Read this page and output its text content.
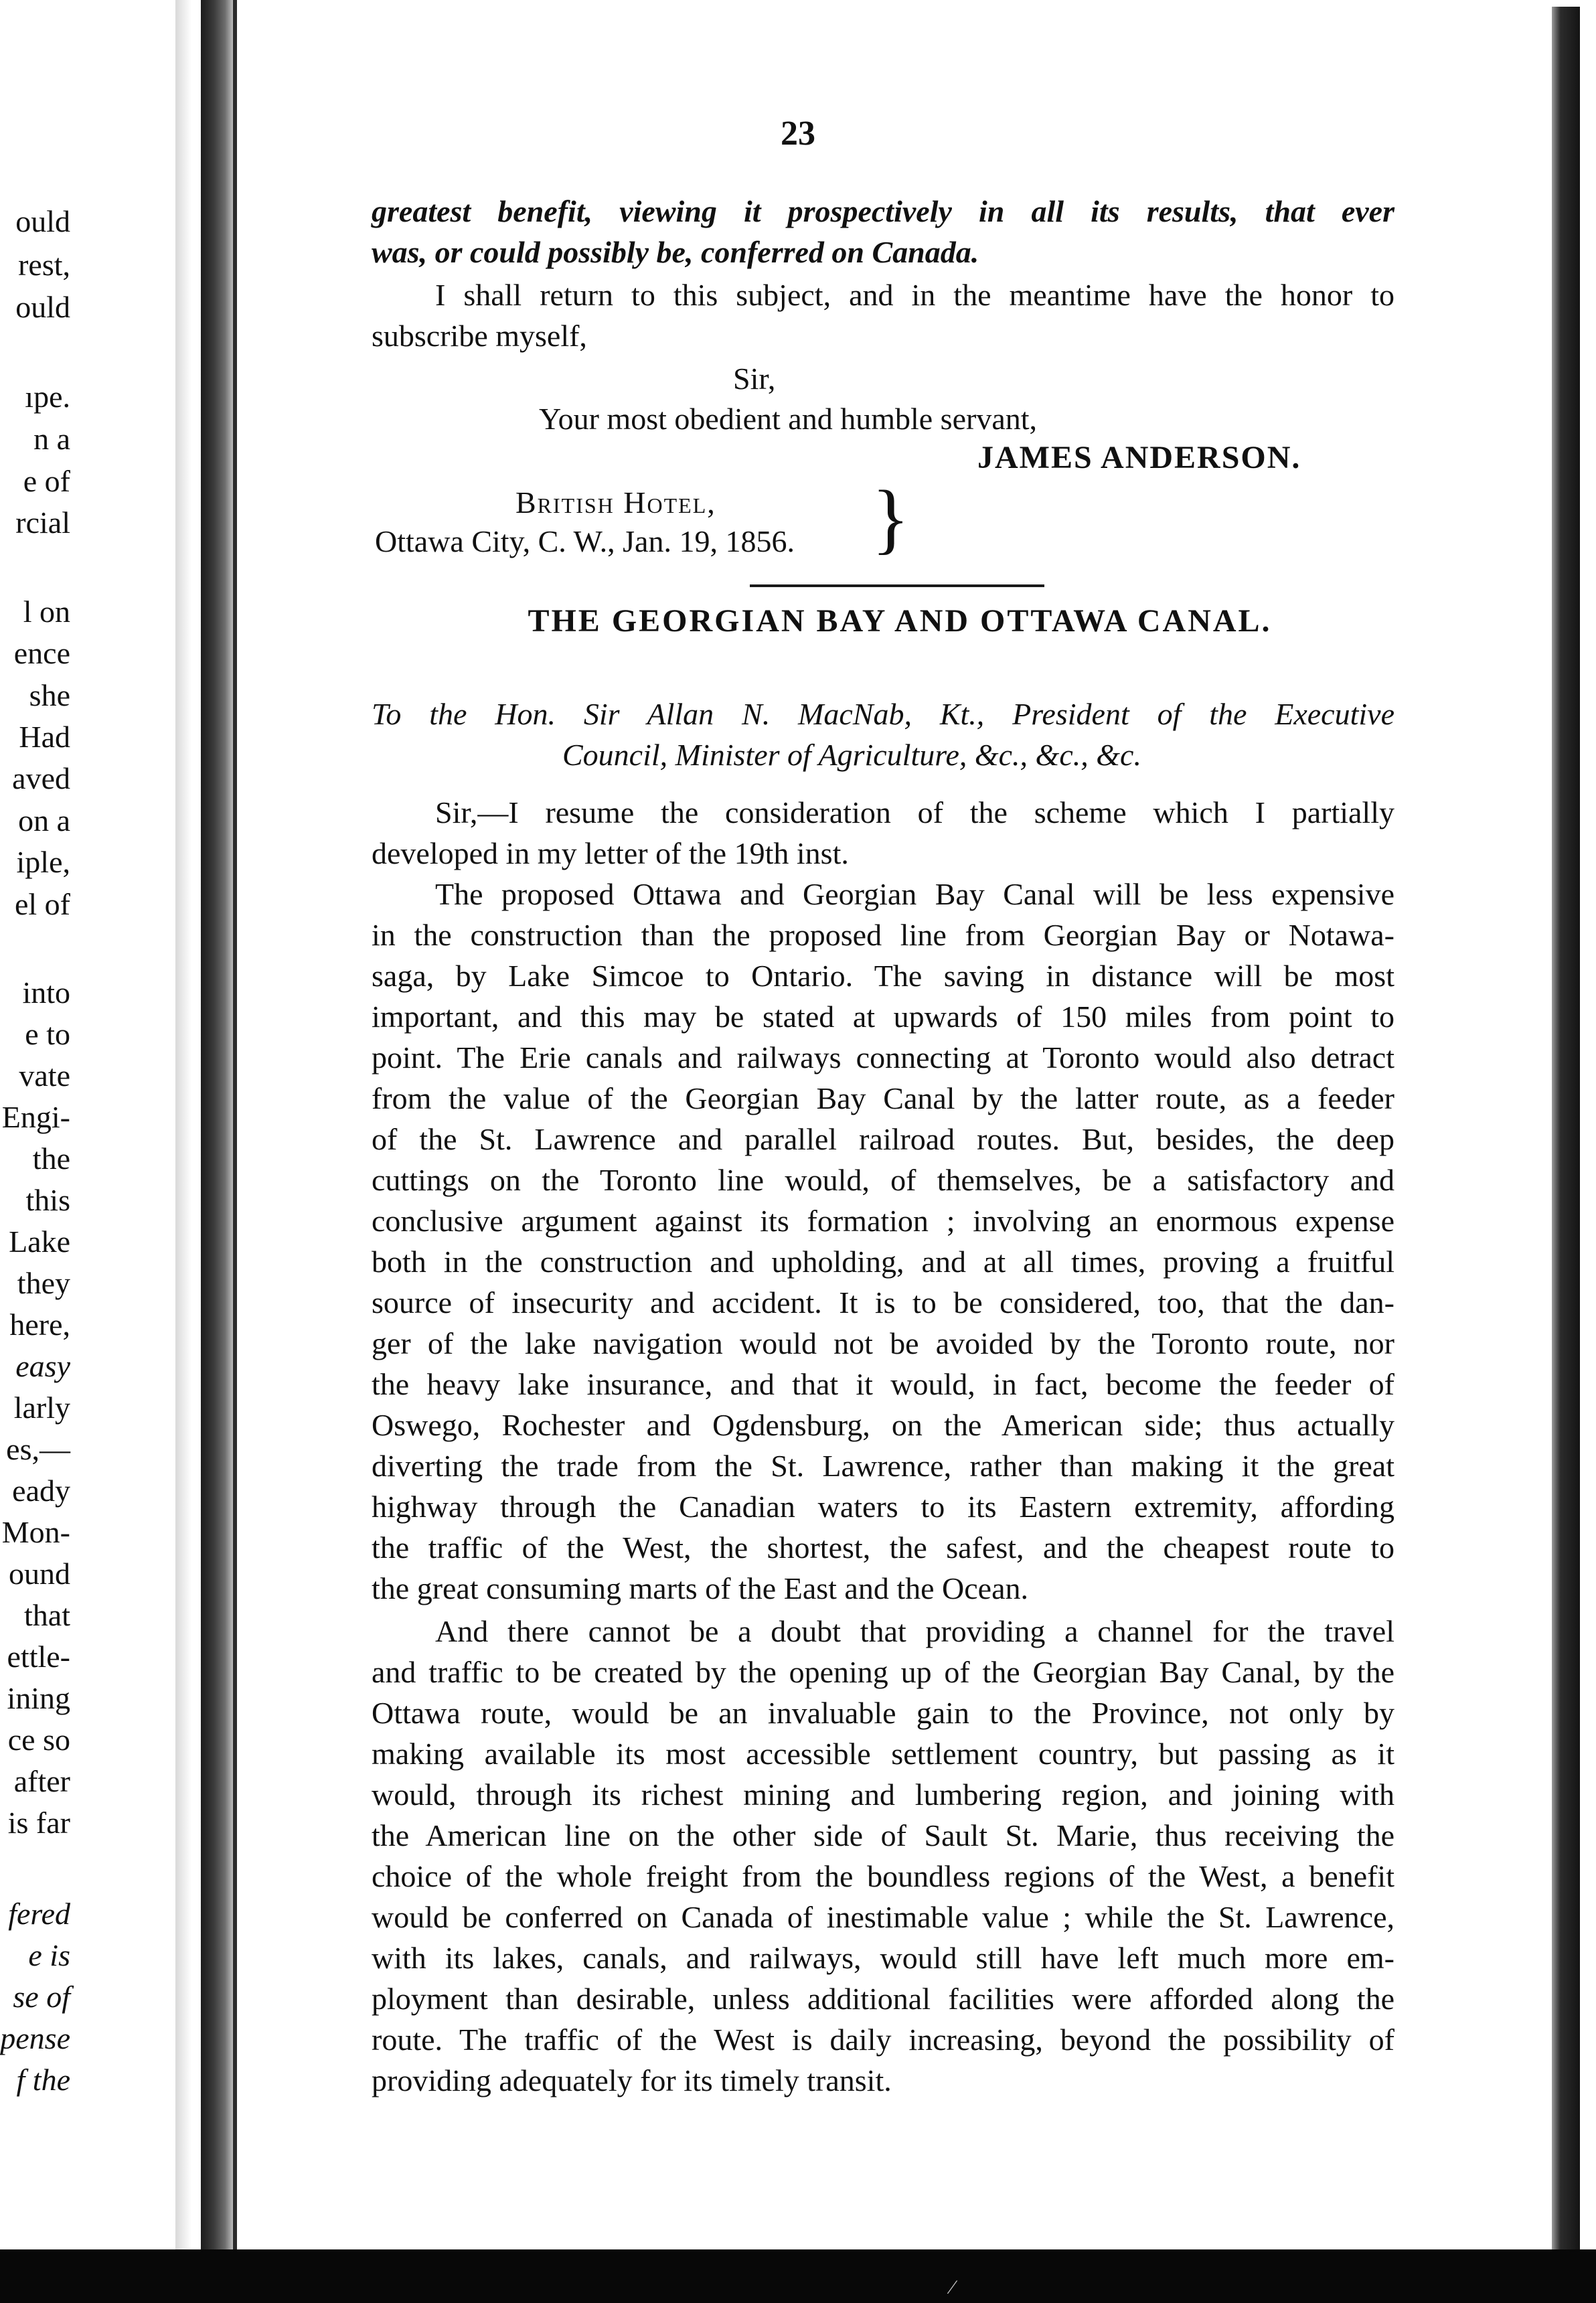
ould
rest,
ould
ıpe.
n a
e of
rcial
l on
ence
she
Had
aved
on a
iple,
el of
into
e to
vate
Engi-
the
this
Lake
they
here,
easy
larly
es,—
eady
Mon-
ound
that
ettle-
ining
ce so
after
is far
fered
e is
se of
pense
f the
23
greatest benefit, viewing it prospectively in all its results, that ever
was, or could possibly be, conferred on Canada.
I shall return to this subject, and in the meantime have the honor to
subscribe myself,
Sir,
Your most obedient and humble servant,
JAMES ANDERSON.
British Hotel,
Ottawa City, C. W., Jan. 19, 1856. }
THE GEORGIAN BAY AND OTTAWA CANAL.
To the Hon. Sir Allan N. MacNab, Kt., President of the Executive
Council, Minister of Agriculture, &c., &c., &c.
Sir,—I resume the consideration of the scheme which I partially
developed in my letter of the 19th inst.
The proposed Ottawa and Georgian Bay Canal will be less expensive
in the construction than the proposed line from Georgian Bay or Notawa-
saga, by Lake Simcoe to Ontario. The saving in distance will be most
important, and this may be stated at upwards of 150 miles from point to
point. The Erie canals and railways connecting at Toronto would also detract
from the value of the Georgian Bay Canal by the latter route, as a feeder
of the St. Lawrence and parallel railroad routes. But, besides, the deep
cuttings on the Toronto line would, of themselves, be a satisfactory and
conclusive argument against its formation ; involving an enormous expense
both in the construction and upholding, and at all times, proving a fruitful
source of insecurity and accident. It is to be considered, too, that the dan-
ger of the lake navigation would not be avoided by the Toronto route, nor
the heavy lake insurance, and that it would, in fact, become the feeder of
Oswego, Rochester and Ogdensburg, on the American side; thus actually
diverting the trade from the St. Lawrence, rather than making it the great
highway through the Canadian waters to its Eastern extremity, affording
the traffic of the West, the shortest, the safest, and the cheapest route to
the great consuming marts of the East and the Ocean.
And there cannot be a doubt that providing a channel for the travel
and traffic to be created by the opening up of the Georgian Bay Canal, by the
Ottawa route, would be an invaluable gain to the Province, not only by
making available its most accessible settlement country, but passing as it
would, through its richest mining and lumbering region, and joining with
the American line on the other side of Sault St. Marie, thus receiving the
choice of the whole freight from the boundless regions of the West, a benefit
would be conferred on Canada of inestimable value ; while the St. Lawrence,
with its lakes, canals, and railways, would still have left much more em-
ployment than desirable, unless additional facilities were afforded along the
route. The traffic of the West is daily increasing, beyond the possibility of
providing adequately for its timely transit.
⁄
